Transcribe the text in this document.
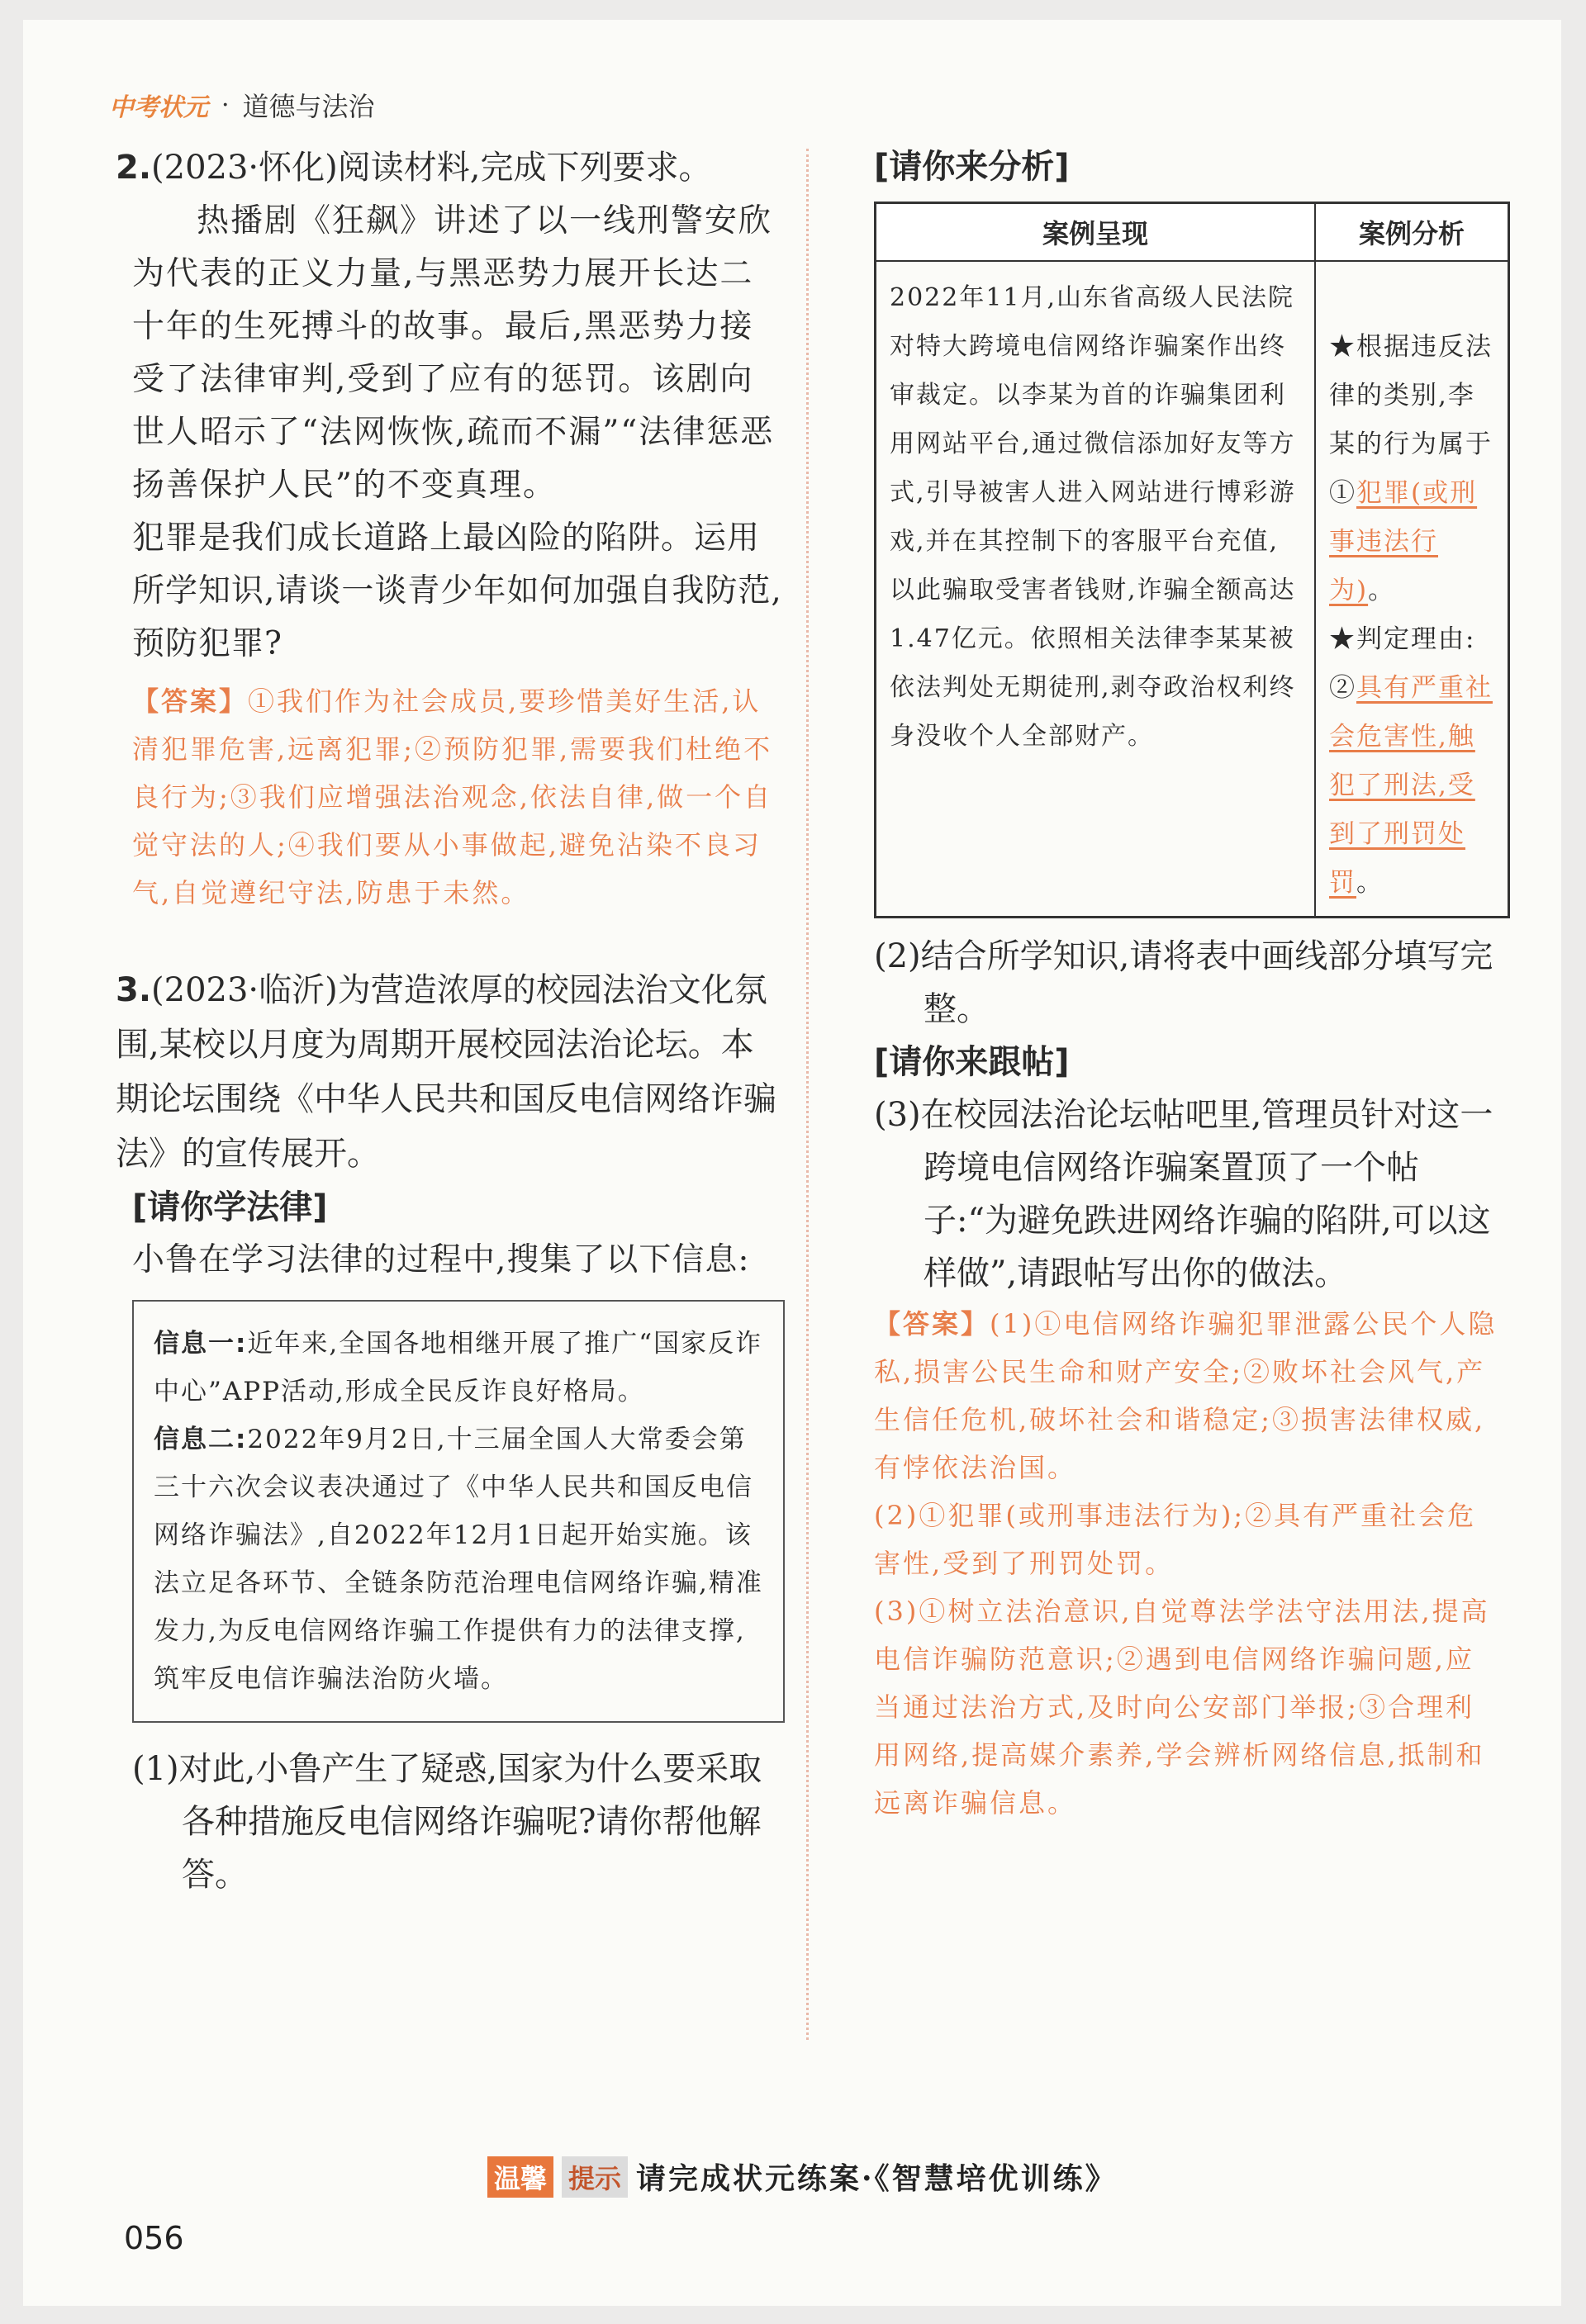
中考状元 · 道德与法治

2.(2023·怀化)阅读材料,完成下列要求。

热播剧《狂飙》讲述了以一线刑警安欣为代表的正义力量,与黑恶势力展开长达二十年的生死搏斗的故事。最后,黑恶势力接受了法律审判,受到了应有的惩罚。该剧向世人昭示了“法网恢恢,疏而不漏”“法律惩恶扬善保护人民”的不变真理。

犯罪是我们成长道路上最凶险的陷阱。运用所学知识,请谈一谈青少年如何加强自我防范,预防犯罪?

【答案】①我们作为社会成员,要珍惜美好生活,认清犯罪危害,远离犯罪;②预防犯罪,需要我们杜绝不良行为;③我们应增强法治观念,依法自律,做一个自觉守法的人;④我们要从小事做起,避免沾染不良习气,自觉遵纪守法,防患于未然。

3.(2023·临沂)为营造浓厚的校园法治文化氛围,某校以月度为周期开展校园法治论坛。本期论坛围绕《中华人民共和国反电信网络诈骗法》的宣传展开。

[请你学法律]

小鲁在学习法律的过程中,搜集了以下信息:

信息一:近年来,全国各地相继开展了推广“国家反诈中心”APP活动,形成全民反诈良好格局。

信息二:2022年9月2日,十三届全国人大常委会第三十六次会议表决通过了《中华人民共和国反电信网络诈骗法》,自2022年12月1日起开始实施。该法立足各环节、全链条防范治理电信网络诈骗,精准发力,为反电信网络诈骗工作提供有力的法律支撑,筑牢反电信诈骗法治防火墙。

(1)对此,小鲁产生了疑惑,国家为什么要采取各种措施反电信网络诈骗呢?请你帮他解答。

[请你来分析]

案例呈现	案例分析
2022年11月,山东省高级人民法院对特大跨境电信网络诈骗案作出终审裁定。以李某为首的诈骗集团利用网站平台,通过微信添加好友等方式,引导被害人进入网站进行博彩游戏,并在其控制下的客服平台充值,以此骗取受害者钱财,诈骗全额高达1.47亿元。依照相关法律李某某被依法判处无期徒刑,剥夺政治权利终身没收个人全部财产。	★根据违反法律的类别,李某的行为属于①犯罪(或刑事违法行为)。
★判定理由:
②具有严重社会危害性,触犯了刑法,受到了刑罚处罚。

(2)结合所学知识,请将表中画线部分填写完整。

[请你来跟帖]

(3)在校园法治论坛帖吧里,管理员针对这一跨境电信网络诈骗案置顶了一个帖子:“为避免跌进网络诈骗的陷阱,可以这样做”,请跟帖写出你的做法。

【答案】(1)①电信网络诈骗犯罪泄露公民个人隐私,损害公民生命和财产安全;②败坏社会风气,产生信任危机,破坏社会和谐稳定;③损害法律权威,有悖依法治国。

(2)①犯罪(或刑事违法行为);②具有严重社会危害性,受到了刑罚处罚。

(3)①树立法治意识,自觉尊法学法守法用法,提高电信诈骗防范意识;②遇到电信网络诈骗问题,应当通过法治方式,及时向公安部门举报;③合理利用网络,提高媒介素养,学会辨析网络信息,抵制和远离诈骗信息。

温馨 提示 请完成状元练案·《智慧培优训练》
056
